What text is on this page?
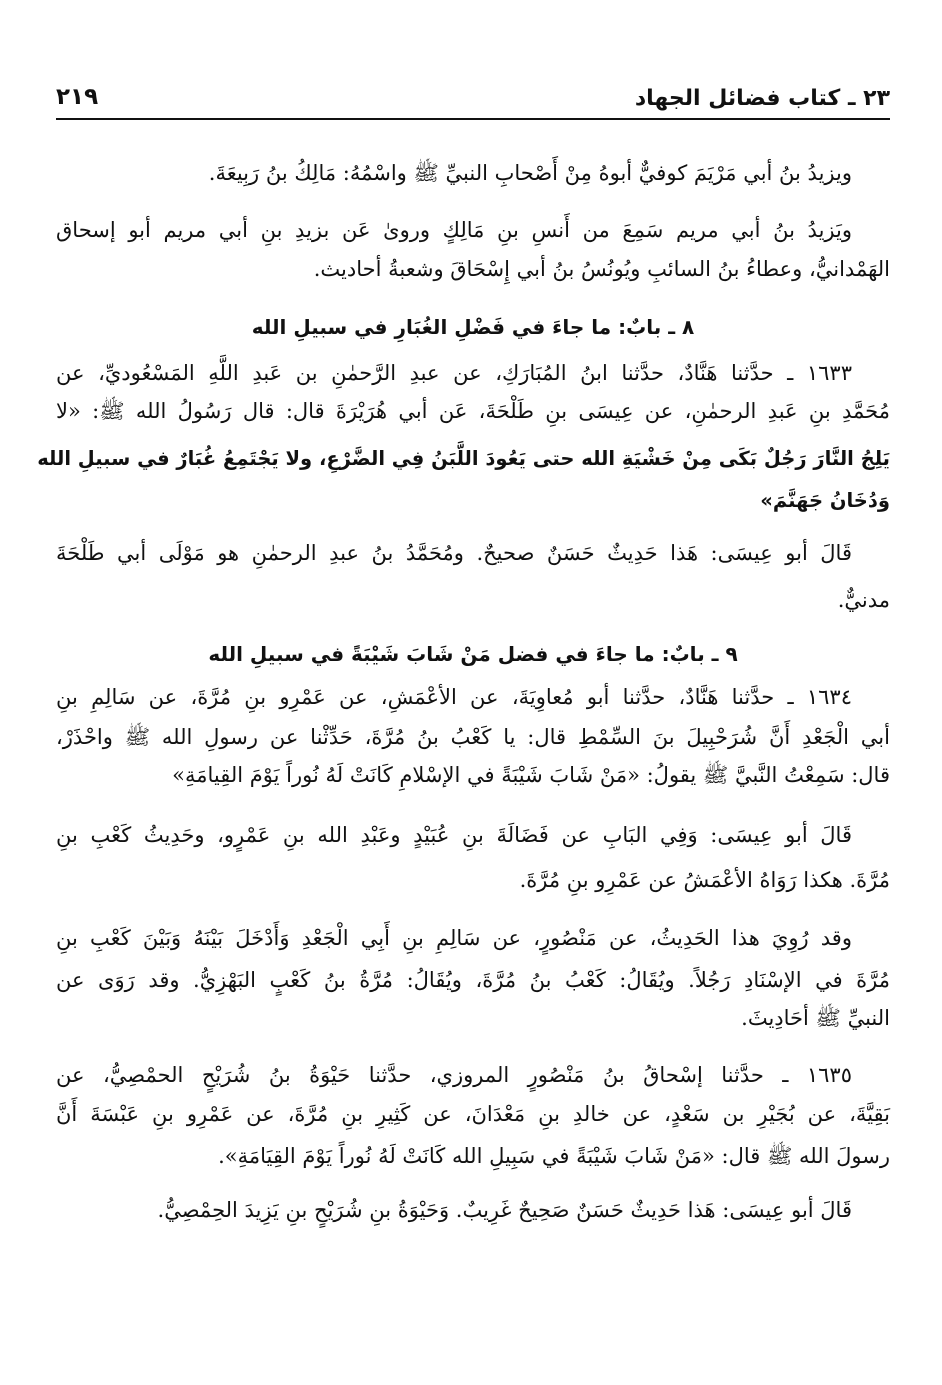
٢٣ ـ كتاب فضائل الجهاد
٢١٩
ويزيدُ بنُ أبي مَرْيَمَ كوفيٌّ أبوهُ مِنْ أَصْحابِ النبيِّ ﷺ واسْمُهُ: مَالِكُ بنُ رَبِيعَةَ.
ويَزيدُ بنُ أبي مريم سَمِعَ من أَنسِ بنِ مَالِكٍ وروىٰ عَن بزيدِ بنِ أبي مريم أبو إسحاق
الهَمْدانيُّ، وعطاءُ بنُ السائبِ ويُونُسُ بنُ أبي إِسْحَاقَ وشعبةُ أحاديث.
٨ ـ بابٌ: ما جاءَ في فَضْلِ الغُبَارِ في سبيلِ الله
١٦٣٣ ـ حدَّثنا هَنَّادٌ، حدَّثنا ابنُ المُبَارَكِ، عن عبدِ الرَّحمٰنِ بن عَبدِ اللَّهِ المَسْعُوديِّ، عن
مُحَمَّدِ بنِ عَبدِ الرحمٰنِ، عن عِيسَى بنِ طَلْحَةَ، عَن أبي هُرَيْرَةَ قال: قال رَسُولُ الله ﷺ: «لا
يَلِجُ النَّارَ رَجُلٌ بَكَى مِنْ خَشْيَةِ الله حتى يَعُودَ اللَّبَنُ فِي الضَّرْعِ، ولا يَجْتَمِعُ غُبَارٌ في سبيلِ الله
وَدُخَانُ جَهَنَّمَ»
قَالَ أبو عِيسَى: هَذا حَدِيثٌ حَسَنٌ صحيحٌ. ومُحَمَّدُ بنُ عبدِ الرحمٰنِ هو مَوْلَى أبي طَلْحَةَ
مدنيٌّ.
٩ ـ بابٌ: ما جاءَ في فضل مَنْ شَابَ شَيْبَةً في سبيلِ الله
١٦٣٤ ـ حدَّثنا هَنَّادٌ، حدَّثنا أبو مُعاوِيَةَ، عن الأعْمَشِ، عن عَمْرِو بنِ مُرَّةَ، عن سَالِمِ بنِ
أبي الْجَعْدِ أَنَّ شُرَحْبِيلَ بنَ السِّمْطِ قال: يا كَعْبُ بنُ مُرَّةَ، حَدِّثْنا عن رسولِ الله ﷺ واحْذَرْ،
قال: سَمِعْتُ النَّبيَّ ﷺ يقولُ: «مَنْ شَابَ شَيْبَةً في الإسْلامِ كَانَتْ لَهُ نُوراً يَوْمَ القِيامَةِ»
قَالَ أبو عِيسَى: وَفِي البَابِ عن فَضَالَةَ بنِ عُبَيْدٍ وعَبْدِ الله بنِ عَمْرٍو، وحَدِيثُ كَعْبِ بنِ
مُرَّةَ. هكذا رَوَاهُ الأعْمَشُ عن عَمْرِو بنِ مُرَّةَ.
وقد رُوِيَ هذا الحَدِيثُ، عن مَنْصُورٍ، عن سَالِمِ بنِ أَبِي الْجَعْدِ وَأَدْخَلَ بَيْنَهُ وَبَيْنَ كَعْبِ بنِ
مُرَّةَ في الإسْنَادِ رَجُلاً. ويُقَالُ: كَعْبُ بنُ مُرَّةَ، ويُقَالُ: مُرَّةُ بنُ كَعْبٍ البَهْزِيُّ. وقد رَوَى عن
النبيِّ ﷺ أحَادِيثَ.
١٦٣٥ ـ حدَّثنا إسْحاقُ بنُ مَنْصُورٍ المروزي، حدَّثنا حَيْوَةُ بنُ شُرَيْحٍ الحمْصِيُّ، عن
بَقِيَّةَ، عن بُجَيْرِ بن سَعْدٍ، عن خالدِ بنِ مَعْدَانَ، عن كَثِيرِ بنِ مُرَّةَ، عن عَمْرِو بنِ عَبْسَةَ أَنَّ
رسولَ الله ﷺ قال: «مَنْ شَابَ شَيْبَةً في سَبِيلِ الله كَانَتْ لَهُ نُوراً يَوْمَ القِيَامَةِ».
قَالَ أبو عِيسَى: هَذا حَدِيثٌ حَسَنٌ صَحِيحٌ غَرِيبٌ. وَحَيْوَةُ بنِ شُرَيْحٍ بنِ يَزِيدَ الحِمْصِيُّ.
